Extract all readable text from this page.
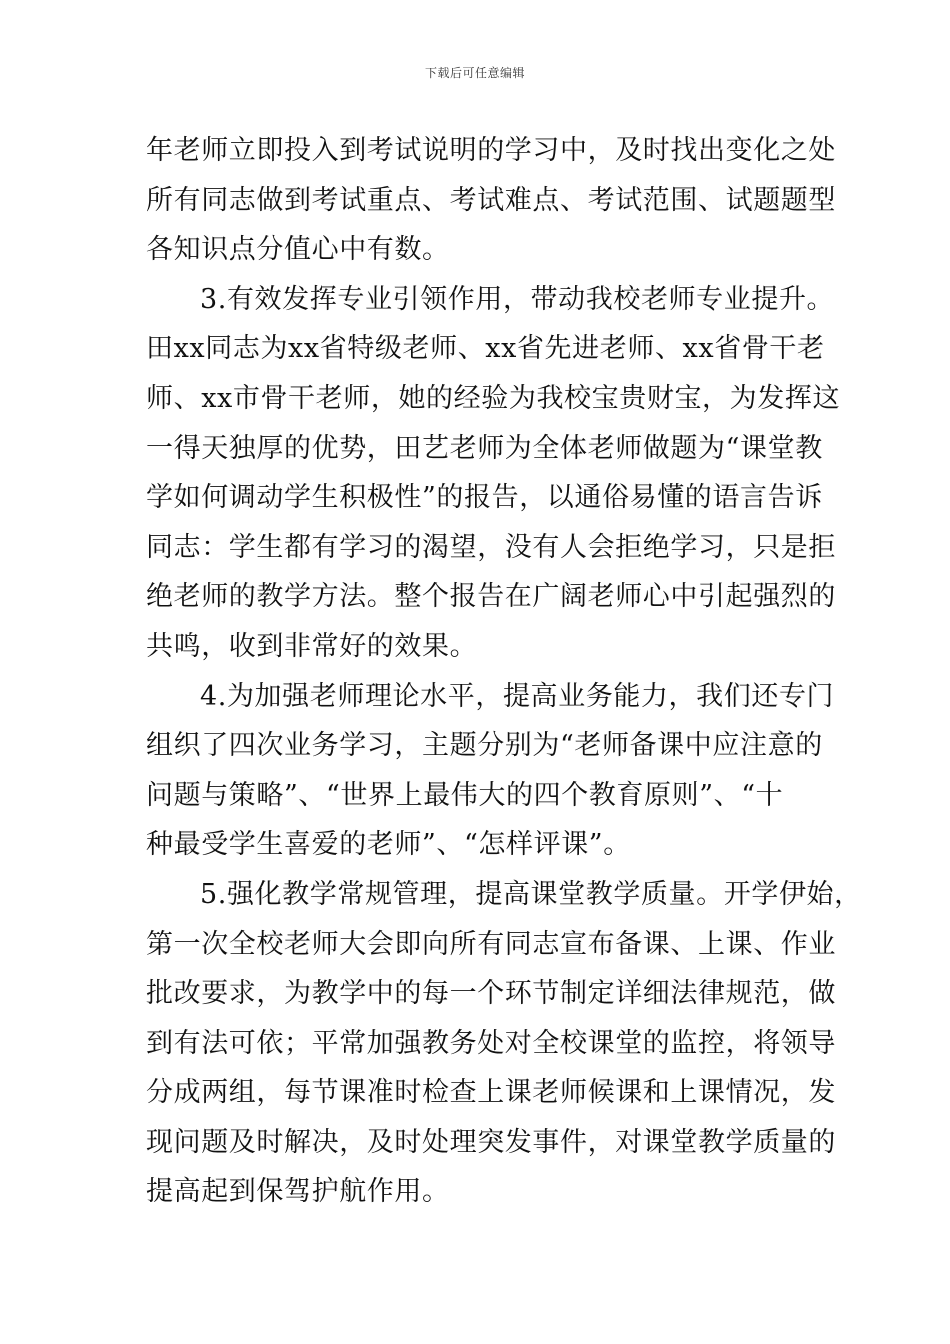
下载后可任意编辑
年老师立即投入到考试说明的学习中，及时找出变化之处
所有同志做到考试重点、考试难点、考试范围、试题题型
各知识点分值心中有数。
3.有效发挥专业引领作用，带动我校老师专业提升。
田xx同志为xx省特级老师、xx省先进老师、xx省骨干老
师、xx市骨干老师，她的经验为我校宝贵财宝，为发挥这
一得天独厚的优势，田艺老师为全体老师做题为“课堂教
学如何调动学生积极性”的报告，以通俗易懂的语言告诉
同志：学生都有学习的渴望，没有人会拒绝学习，只是拒
绝老师的教学方法。整个报告在广阔老师心中引起强烈的
共鸣，收到非常好的效果。
4.为加强老师理论水平，提高业务能力，我们还专门
组织了四次业务学习，主题分别为“老师备课中应注意的
问题与策略”、“世界上最伟大的四个教育原则”、“十
种最受学生喜爱的老师”、“怎样评课”。
5.强化教学常规管理，提高课堂教学质量。开学伊始，
第一次全校老师大会即向所有同志宣布备课、上课、作业
批改要求，为教学中的每一个环节制定详细法律规范，做
到有法可依；平常加强教务处对全校课堂的监控，将领导
分成两组，每节课准时检查上课老师候课和上课情况，发
现问题及时解决，及时处理突发事件，对课堂教学质量的
提高起到保驾护航作用。
